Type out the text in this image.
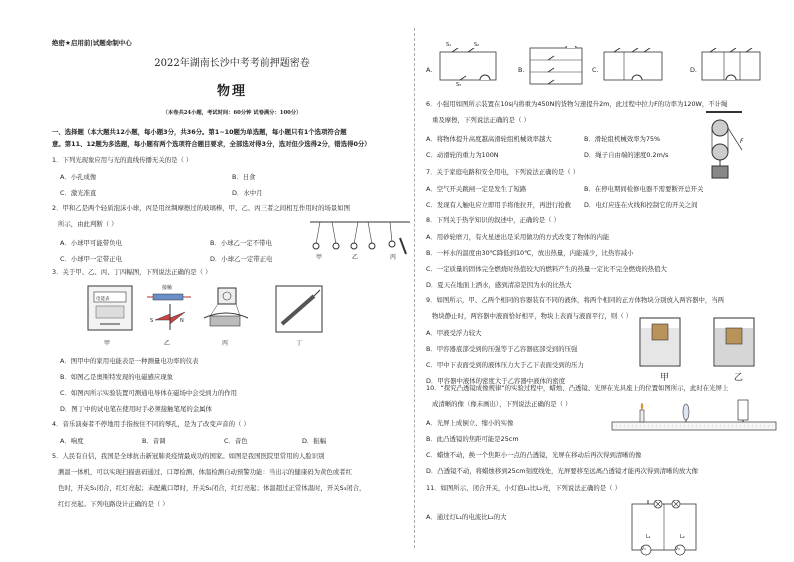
绝密★启用前|试题命制中心
2022年湖南长沙中考考前押题密卷
物理
（本卷共24小题，考试时间：60分钟 试卷满分：100分）
一、选择题（本大题共12小题，每小题3分，共36分。第1~10题为单选题，每小题只有1个选项符合题
意。第11、12题为多选题，每小题有两个选项符合题目要求，全部选对得3分，选对但少选得2分，错选得0分）
1．下列光现象应用与光的直线传播无关的是（ ）
A．小孔成像	B．日食
C．激光准直	D．水中月
2．甲和乙是两个轻质泡沫小球，丙是用丝绸摩擦过的玻璃棒，甲、乙、丙三者之间相互作用时的场景如图
所示，由此判断（ ）
A．小球甲可能带负电	B．小球乙一定不带电
C．小球甲一定带正电	D．小球乙一定带正电	甲	乙	丙
3．关于甲、乙、丙、丁四幅图，下列说法正确的是（ ）
电能表
接触
S	N
甲	乙	丙	丁
A．图甲中的家用电能表是一种测量电功率的仪表
B．如图乙是奥斯特发现的电磁感应现象
C．如图丙所示实验装置可测通电导体在磁场中会受到力的作用
D．图丁中的试电笔在使用时手必须接触笔尾的金属体
4．音乐演奏者不停地用手指按住不同的琴孔，是为了改变声音的（ ）
A．响度	B．音调	C．音色	D．振幅
5．人民有自信，我国是全球抗击新冠肺炎疫情最成功的国家。如图是我国医院里常用的人脸识别
测温一体机，可以实现扫描患码通过、口罩检测、体温检测自动预警功能：当出示的健康码为黄色或者红
色时，开关S₁闭合，红灯亮起；未配戴口罩时，开关S₂闭合，红灯亮起；体温超过正常体温时，开关S₃闭合，
红灯亮起。下列电路设计正确的是（ ）
A.	B.	C.	D.
S₁	S₂
S₃
6．小强用如图所示装置在10s内将重为450N的货物匀速提升2m，此过程中拉力F的功率为120W，不计绳
重及摩擦，下列说法正确的是（ ）
A．将物体提升高度越高滑轮组机械效率越大	B．滑轮组机械效率为75%
C．动滑轮的重力为100N	D．绳子自由端的速度0.2m/s
F
7．关于家庭电路和安全用电，下列说法正确的是（ ）
A．空气开关跳闸一定是发生了短路	B．在停电期间检修电器不需要断开总开关
C．发现有人触电应立即用手将他拉开，再进行抢救 D．电灯应连在火线和控制它的开关之间
8．下列关于热学知识的叙述中，正确的是（ ）
A．用砂轮磨刀，有火星迸出是采用做功的方式改变了物体的内能
B．一杯水的温度由30℃降低到10℃，放出热量，内能减少，比热容减小
C．一定质量的固体完全燃烧时热值较大的燃料产生的热量一定比不完全燃烧的热值大
D．夏天在地面上洒水，感到清凉是因为水的比热大
9．如图所示，甲、乙两个相同的容器装有不同的液体，将两个相同的正方体物块分别放入两容器中，当两
物块静止时，两容器中液面恰好相平，物块上表面与液面平行，则（ ）
A．甲液受浮力较大
B．甲容器底部受到的压强等于乙容器底部受到的压强
C．甲中下表面受到的液体压力大于乙下表面受到的压力
D．甲容器中液体的密度大于乙容器中液体的密度	甲	乙
10．“探究凸透镜成像规律”的实验过程中，蜡烛、凸透镜、光屏在光具座上的位置如图所示，此时在光屏上
成清晰的像（像未画出），下列说法正确的是（ ）
A．光屏上成倒立、缩小的实像
B．此凸透镜的焦距可能是25cm
C．蜡烛不动，换一个焦距小一点的凸透镜，光屏在移动后再次得到清晰的像
D．凸透镜不动，将蜡烛移到25cm刻度线处，光屏要移至远离凸透镜才能再次得到清晰的放大像
11．如图所示，闭合开关，小灯泡L₁比L₂亮，下列说法正确的是（ ）
A．通过灯L₁的电流比L₂的大
V₁	V₂
L₁	L₂
